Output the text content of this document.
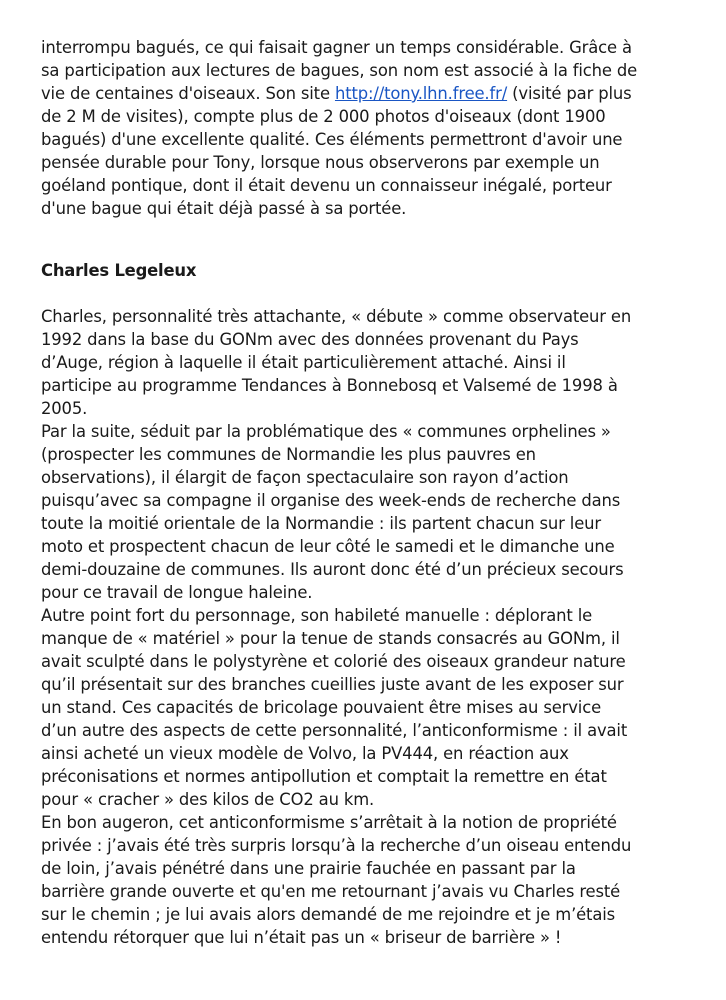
interrompu bagués, ce qui faisait gagner un temps considérable. Grâce à
sa participation aux lectures de bagues, son nom est associé à la fiche de
vie de centaines d'oiseaux. Son site http://tony.lhn.free.fr/ (visité par plus
de 2 M de visites), compte plus de 2 000 photos d'oiseaux (dont 1900
bagués) d'une excellente qualité. Ces éléments permettront d'avoir une
pensée durable pour Tony, lorsque nous observerons par exemple un
goéland pontique, dont il était devenu un connaisseur inégalé, porteur
d'une bague qui était déjà passé à sa portée.
Charles Legeleux
Charles, personnalité très attachante, « débute » comme observateur en
1992 dans la base du GONm avec des données provenant du Pays
d’Auge, région à laquelle il était particulièrement attaché. Ainsi il
participe au programme Tendances à Bonnebosq et Valsemé de 1998 à
2005.
Par la suite, séduit par la problématique des « communes orphelines »
(prospecter les communes de Normandie les plus pauvres en
observations), il élargit de façon spectaculaire son rayon d’action
puisqu’avec sa compagne il organise des week-ends de recherche dans
toute la moitié orientale de la Normandie : ils partent chacun sur leur
moto et prospectent chacun de leur côté le samedi et le dimanche une
demi-douzaine de communes. Ils auront donc été d’un précieux secours
pour ce travail de longue haleine.
Autre point fort du personnage, son habileté manuelle : déplorant le
manque de « matériel » pour la tenue de stands consacrés au GONm, il
avait sculpté dans le polystyrène et colorié des oiseaux grandeur nature
qu’il présentait sur des branches cueillies juste avant de les exposer sur
un stand. Ces capacités de bricolage pouvaient être mises au service
d’un autre des aspects de cette personnalité, l’anticonformisme : il avait
ainsi acheté un vieux modèle de Volvo, la PV444, en réaction aux
préconisations et normes antipollution et comptait la remettre en état
pour « cracher » des kilos de CO2 au km.
En bon augeron, cet anticonformisme s’arrêtait à la notion de propriété
privée : j’avais été très surpris lorsqu’à la recherche d’un oiseau entendu
de loin, j’avais pénétré dans une prairie fauchée en passant par la
barrière grande ouverte et qu'en me retournant j’avais vu Charles resté
sur le chemin ; je lui avais alors demandé de me rejoindre et je m’étais
entendu rétorquer que lui n’était pas un « briseur de barrière » !
